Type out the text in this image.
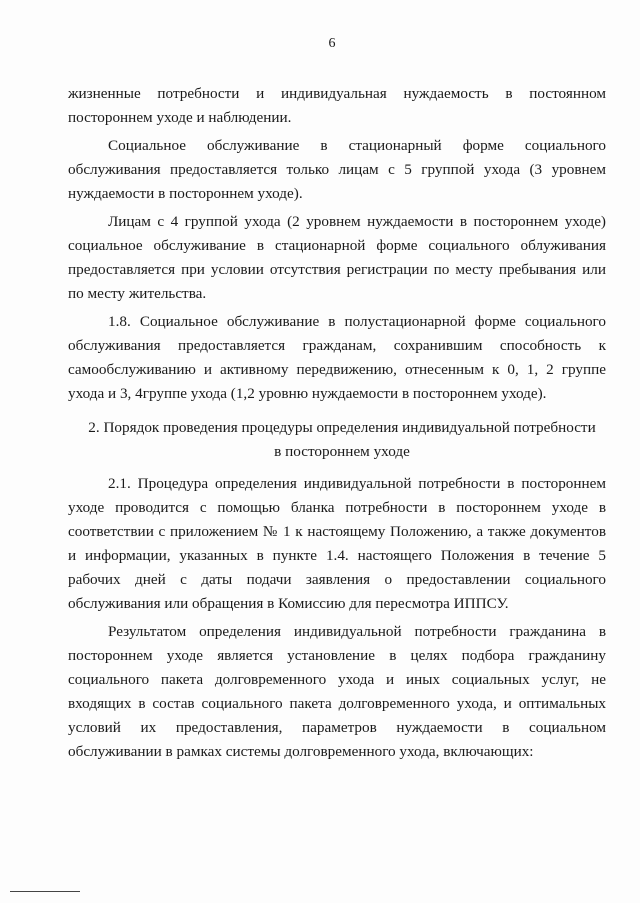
6

жизненные потребности и индивидуальная нуждаемость в постоянном постороннем уходе и наблюдении.

Социальное обслуживание в стационарный форме социального обслуживания предоставляется только лицам с 5 группой ухода (3 уровнем нуждаемости в постороннем уходе).

Лицам с 4 группой ухода (2 уровнем нуждаемости в постороннем уходе) социальное обслуживание в стационарной форме социального облуживания предоставляется при условии отсутствия регистрации по месту пребывания или по месту жительства.

1.8. Социальное обслуживание в полустационарной форме социального обслуживания предоставляется гражданам, сохранившим способность к самообслуживанию и активному передвижению, отнесенным к 0, 1, 2 группе ухода и 3, 4группе ухода (1,2 уровню нуждаемости в постороннем уходе).

2. Порядок проведения процедуры определения индивидуальной потребности в постороннем уходе

2.1. Процедура определения индивидуальной потребности в постороннем уходе проводится с помощью бланка потребности в постороннем уходе в соответствии с приложением № 1 к настоящему Положению, а также документов и информации, указанных в пункте 1.4. настоящего Положения в течение 5 рабочих дней с даты подачи заявления о предоставлении социального обслуживания или обращения в Комиссию для пересмотра ИППСУ.

Результатом определения индивидуальной потребности гражданина в постороннем уходе является установление в целях подбора гражданину социального пакета долговременного ухода и иных социальных услуг, не входящих в состав социального пакета долговременного ухода, и оптимальных условий их предоставления, параметров нуждаемости в социальном обслуживании в рамках системы долговременного ухода, включающих:
